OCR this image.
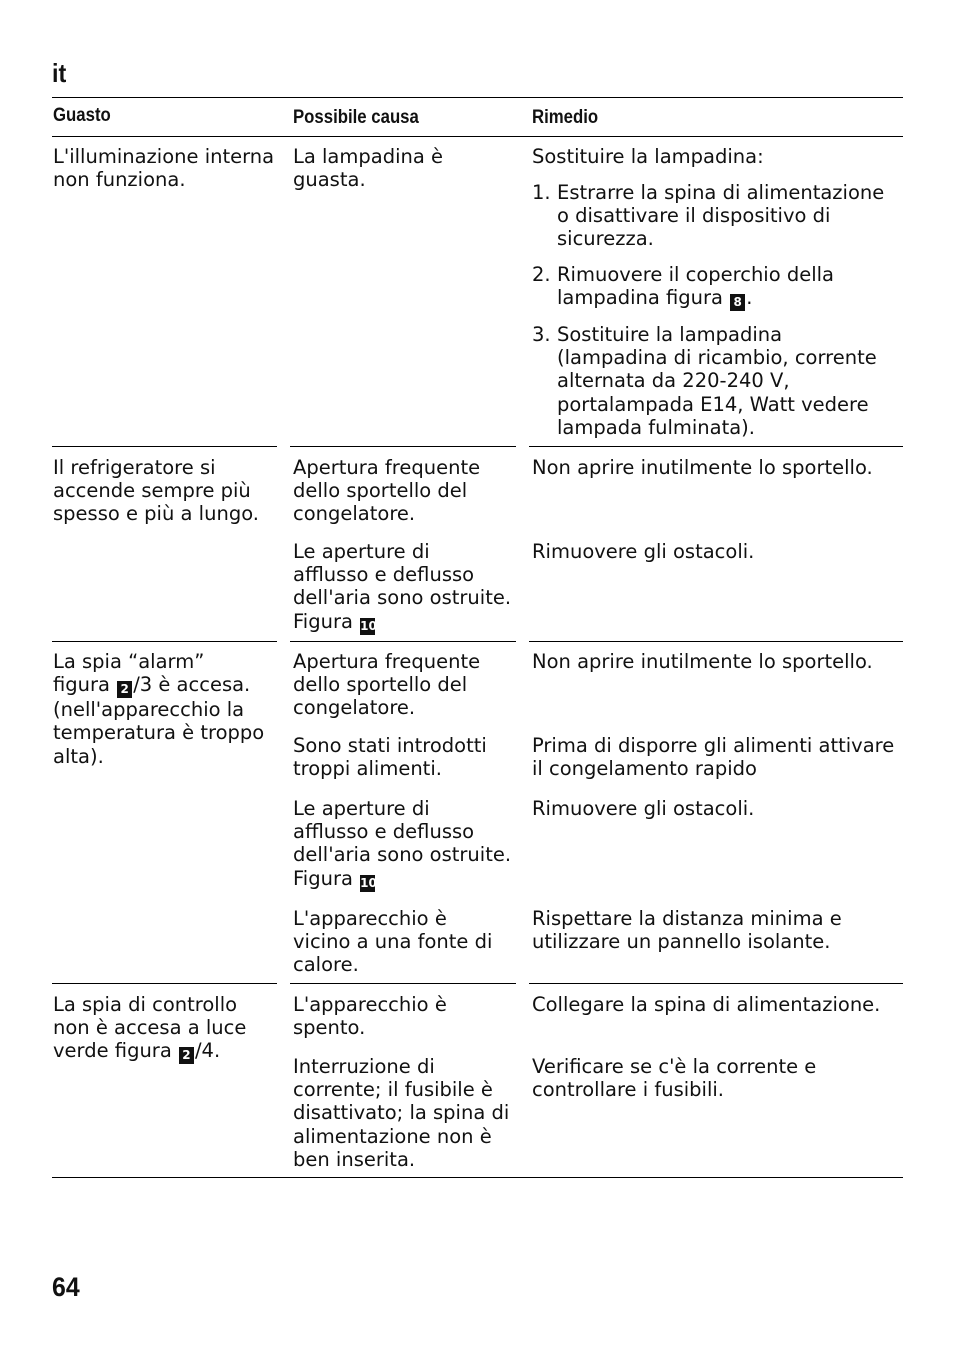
it
Guasto	Possibile causa	Rimedio
L'illuminazione interna
non funziona.
La lampadina è
guasta.
Sostituire la lampadina:
1. Estrarre la spina di alimentazione
o disattivare il dispositivo di
sicurezza.
2. Rimuovere il coperchio della
lampadina figura 8 .
3. Sostituire la lampadina
(lampadina di ricambio, corrente
alternata da 220-240 V,
portalampada E14, Watt vedere
lampada fulminata).
Il refrigeratore si
accende sempre più
spesso e più a lungo.
Apertura frequente
dello sportello del
congelatore.
Non aprire inutilmente lo sportello.
Le aperture di
afflusso e deflusso
dell'aria sono ostruite.
Figura 10
Rimuovere gli ostacoli.
La spia “alarm”
figura 2 /3 è accesa.
(nell'apparecchio la
temperatura è troppo
alta).
Apertura frequente
dello sportello del
congelatore.
Non aprire inutilmente lo sportello.
Sono stati introdotti
troppi alimenti.
Prima di disporre gli alimenti attivare
il congelamento rapido
Le aperture di
afflusso e deflusso
dell'aria sono ostruite.
Figura 10
Rimuovere gli ostacoli.
L'apparecchio è
vicino a una fonte di
calore.
Rispettare la distanza minima e
utilizzare un pannello isolante.
La spia di controllo
non è accesa a luce
verde figura 2 /4.
L'apparecchio è
spento.
Collegare la spina di alimentazione.
Interruzione di
corrente; il fusibile è
disattivato; la spina di
alimentazione non è
ben inserita.
Verificare se c'è la corrente e
controllare i fusibili.
64
